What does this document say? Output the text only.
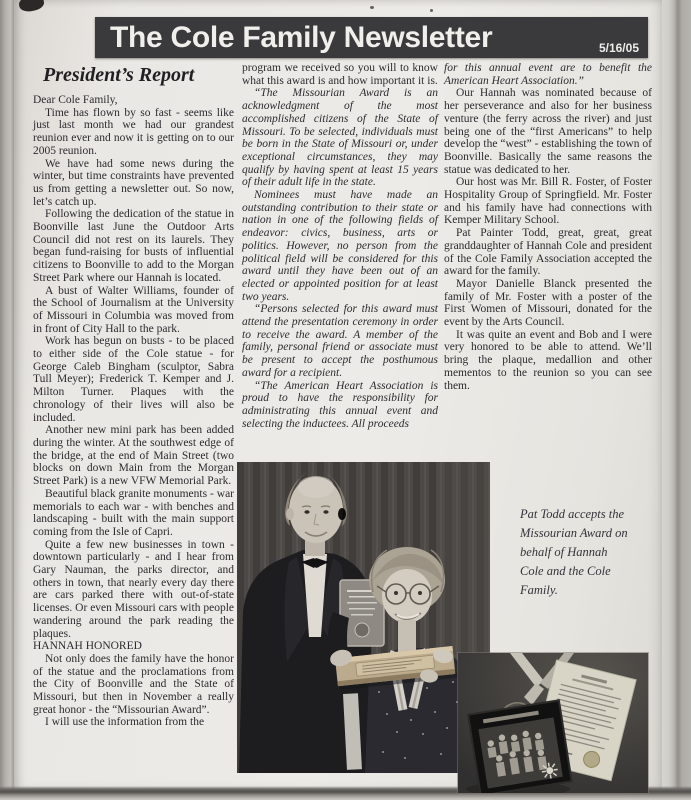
The Cole Family Newsletter	5/16/05
President’s Report

Dear Cole Family,

Time has flown by so fast - seems like just last month we had our grandest reunion ever and now it is getting on to our 2005 reunion.

We have had some news during the winter, but time constraints have prevented us from getting a newsletter out. So now, let’s catch up.

Following the dedication of the statue in Boonville last June the Outdoor Arts Council did not rest on its laurels. They began fund-raising for busts of influential citizens to Boonville to add to the Morgan Street Park where our Hannah is located.

A bust of Walter Williams, founder of the School of Journalism at the University of Missouri in Columbia was moved from in front of City Hall to the park.

Work has begun on busts - to be placed to either side of the Cole statue - for George Caleb Bingham (sculptor, Sabra Tull Meyer); Frederick T. Kemper and J. Milton Turner. Plaques with the chronology of their lives will also be included.

Another new mini park has been added during the winter. At the southwest edge of the bridge, at the end of Main Street (two blocks on down Main from the Morgan Street Park) is a new VFW Memorial Park.

Beautiful black granite monuments - war memorials to each war - with benches and landscaping - built with the main support coming from the Isle of Capri.

Quite a few new businesses in town - downtown particularly - and I hear from Gary Nauman, the parks director, and others in town, that nearly every day there are cars parked there with out-of-state licenses. Or even Missouri cars with people wandering around the park reading the plaques.

HANNAH HONORED

Not only does the family have the honor of the statue and the proclamations from the City of Boonville and the State of Missouri, but then in November a really great honor - the “Missourian Award”.

I will use the information from the

program we received so you will to know what this award is and how important it is.

“The Missourian Award is an acknowledgment of the most accomplished citizens of the State of Missouri. To be selected, individuals must be born in the State of Missouri or, under exceptional circumstances, they may qualify by having spent at least 15 years of their adult life in the state.

Nominees must have made an outstanding contribution to their state or nation in one of the following fields of endeavor: civics, business, arts or politics. However, no person from the political field will be considered for this award until they have been out of an elected or appointed position for at least two years.

“Persons selected for this award must attend the presentation ceremony in order to receive the award. A member of the family, personal friend or associate must be present to accept the posthumous award for a recipient.

“The American Heart Association is proud to have the responsibility for administrating this annual event and selecting the inductees. All proceeds

for this annual event are to benefit the American Heart Association.”

Our Hannah was nominated because of her perseverance and also for her business venture (the ferry across the river) and just being one of the “first Americans” to help develop the “west” - establishing the town of Boonville. Basically the same reasons the statue was dedicated to her.

Our host was Mr. Bill R. Foster, of Foster Hospitality Group of Springfield. Mr. Foster and his family have had connections with Kemper Military School.

Pat Painter Todd, great, great, great granddaughter of Hannah Cole and president of the Cole Family Association accepted the award for the family.

Mayor Danielle Blanck presented the family of Mr. Foster with a poster of the First Women of Missouri, donated for the event by the Arts Council.

It was quite an event and Bob and I were very honored to be able to attend. We’ll bring the plaque, medallion and other mementos to the reunion so you can see them.

Pat Todd accepts the Missourian Award on behalf of Hannah Cole and the Cole Family.
